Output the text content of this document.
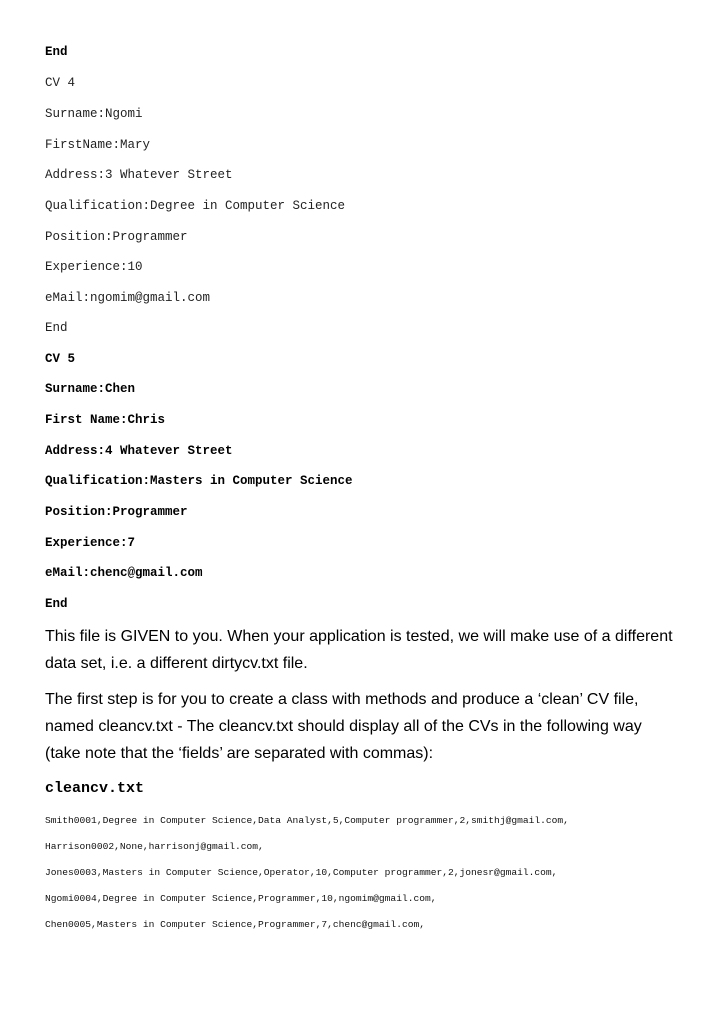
End
CV 4
Surname:Ngomi
FirstName:Mary
Address:3 Whatever Street
Qualification:Degree in Computer Science
Position:Programmer
Experience:10
eMail:ngomim@gmail.com
End
CV 5
Surname:Chen
First Name:Chris
Address:4 Whatever Street
Qualification:Masters in Computer Science
Position:Programmer
Experience:7
eMail:chenc@gmail.com
End
This file is GIVEN to you. When your application is tested, we will make use of a different data set, i.e. a different dirtycv.txt file.
The first step is for you to create a class with methods and produce a ‘clean’ CV file, named cleancv.txt - The cleancv.txt should display all of the CVs in the following way (take note that the ‘fields’ are separated with commas):
cleancv.txt
Smith0001,Degree in Computer Science,Data Analyst,5,Computer programmer,2,smithj@gmail.com,
Harrison0002,None,harrisonj@gmail.com,
Jones0003,Masters in Computer Science,Operator,10,Computer programmer,2,jonesr@gmail.com,
Ngomi0004,Degree in Computer Science,Programmer,10,ngomim@gmail.com,
Chen0005,Masters in Computer Science,Programmer,7,chenc@gmail.com,
